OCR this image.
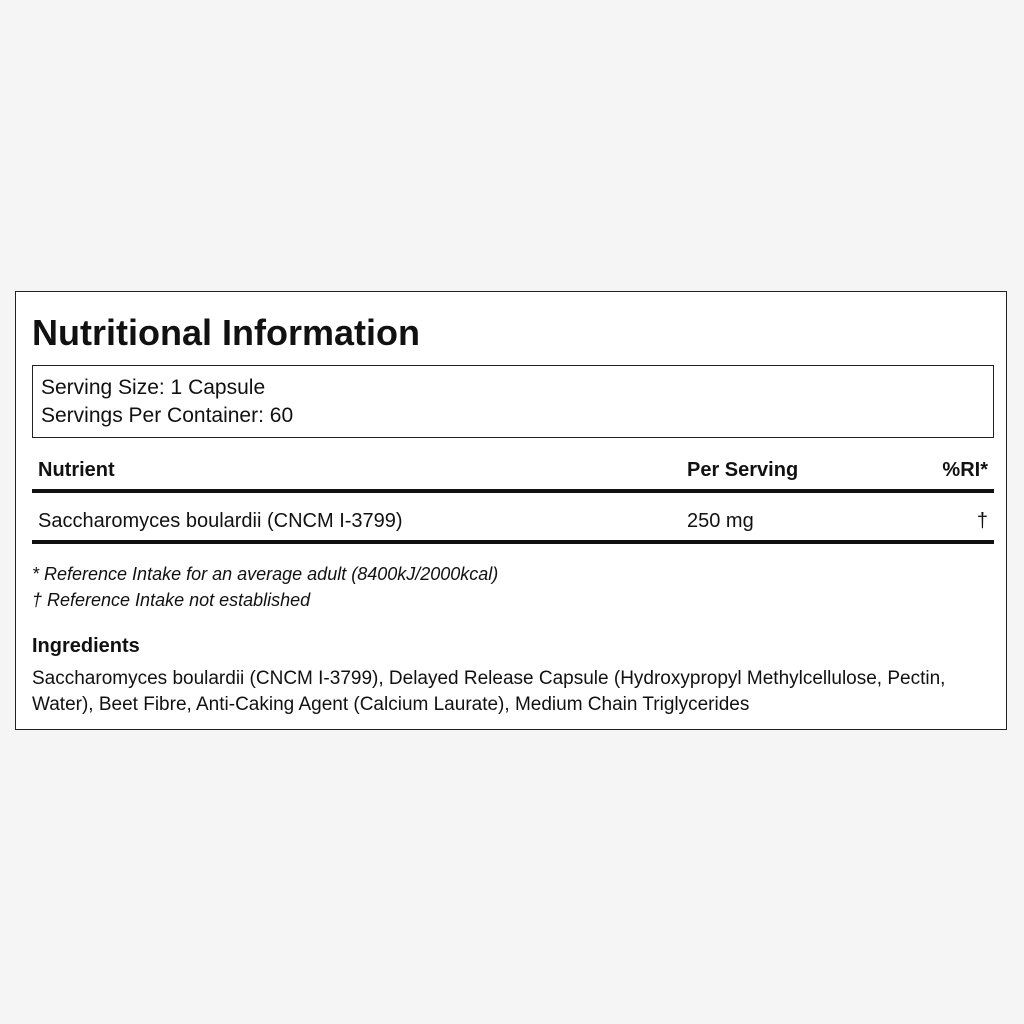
Nutritional Information
Serving Size: 1 Capsule
Servings Per Container: 60
Nutrient	Per Serving	%RI*
Saccharomyces boulardii (CNCM I-3799)	250 mg	†
* Reference Intake for an average adult (8400kJ/2000kcal)
† Reference Intake not established
Ingredients
Saccharomyces boulardii (CNCM I-3799), Delayed Release Capsule (Hydroxypropyl Methylcellulose, Pectin, Water), Beet Fibre, Anti-Caking Agent (Calcium Laurate), Medium Chain Triglycerides
